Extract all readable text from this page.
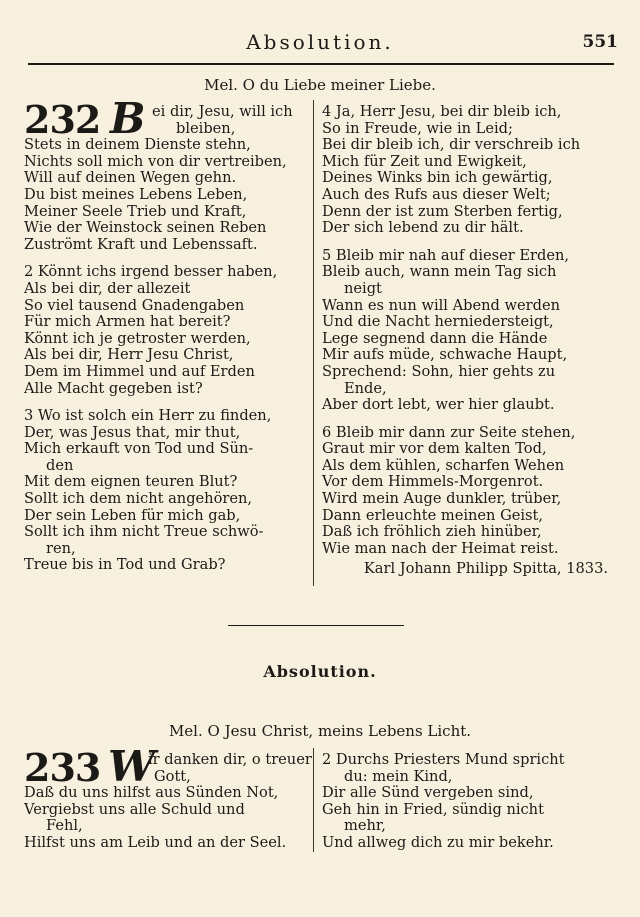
Absolution.	551
Mel. O du Liebe meiner Liebe.
232 B ei dir, Jesu, will ich
bleiben,
Stets in deinem Dienste stehn,
Nichts soll mich von dir vertreiben,
Will auf deinen Wegen gehn.
Du bist meines Lebens Leben,
Meiner Seele Trieb und Kraft,
Wie der Weinstock seinen Reben
Zuströmt Kraft und Lebenssaft.
2 Könnt ichs irgend besser haben,
Als bei dir, der allezeit
So viel tausend Gnadengaben
Für mich Armen hat bereit?
Könnt ich je getroster werden,
Als bei dir, Herr Jesu Christ,
Dem im Himmel und auf Erden
Alle Macht gegeben ist?
3 Wo ist solch ein Herr zu finden,
Der, was Jesus that, mir thut,
Mich erkauft von Tod und Sün-
den
Mit dem eignen teuren Blut?
Sollt ich dem nicht angehören,
Der sein Leben für mich gab,
Sollt ich ihm nicht Treue schwö-
ren,
Treue bis in Tod und Grab?
4 Ja, Herr Jesu, bei dir bleib ich,
So in Freude, wie in Leid;
Bei dir bleib ich, dir verschreib ich
Mich für Zeit und Ewigkeit,
Deines Winks bin ich gewärtig,
Auch des Rufs aus dieser Welt;
Denn der ist zum Sterben fertig,
Der sich lebend zu dir hält.
5 Bleib mir nah auf dieser Erden,
Bleib auch, wann mein Tag sich
neigt
Wann es nun will Abend werden
Und die Nacht herniedersteigt,
Lege segnend dann die Hände
Mir aufs müde, schwache Haupt,
Sprechend: Sohn, hier gehts zu
Ende,
Aber dort lebt, wer hier glaubt.
6 Bleib mir dann zur Seite stehen,
Graut mir vor dem kalten Tod,
Als dem kühlen, scharfen Wehen
Vor dem Himmels-Morgenrot.
Wird mein Auge dunkler, trüber,
Dann erleuchte meinen Geist,
Daß ich fröhlich zieh hinüber,
Wie man nach der Heimat reist.
Karl Johann Philipp Spitta, 1833.
Absolution.
Mel. O Jesu Christ, meins Lebens Licht.
233 W
ir danken dir, o treuer
Gott,
Daß du uns hilfst aus Sünden Not,
Vergiebst uns alle Schuld und
Fehl,
Hilfst uns am Leib und an der Seel.
2 Durchs Priesters Mund spricht
du: mein Kind,
Dir alle Sünd vergeben sind,
Geh hin in Fried, sündig nicht
mehr,
Und allweg dich zu mir bekehr.
